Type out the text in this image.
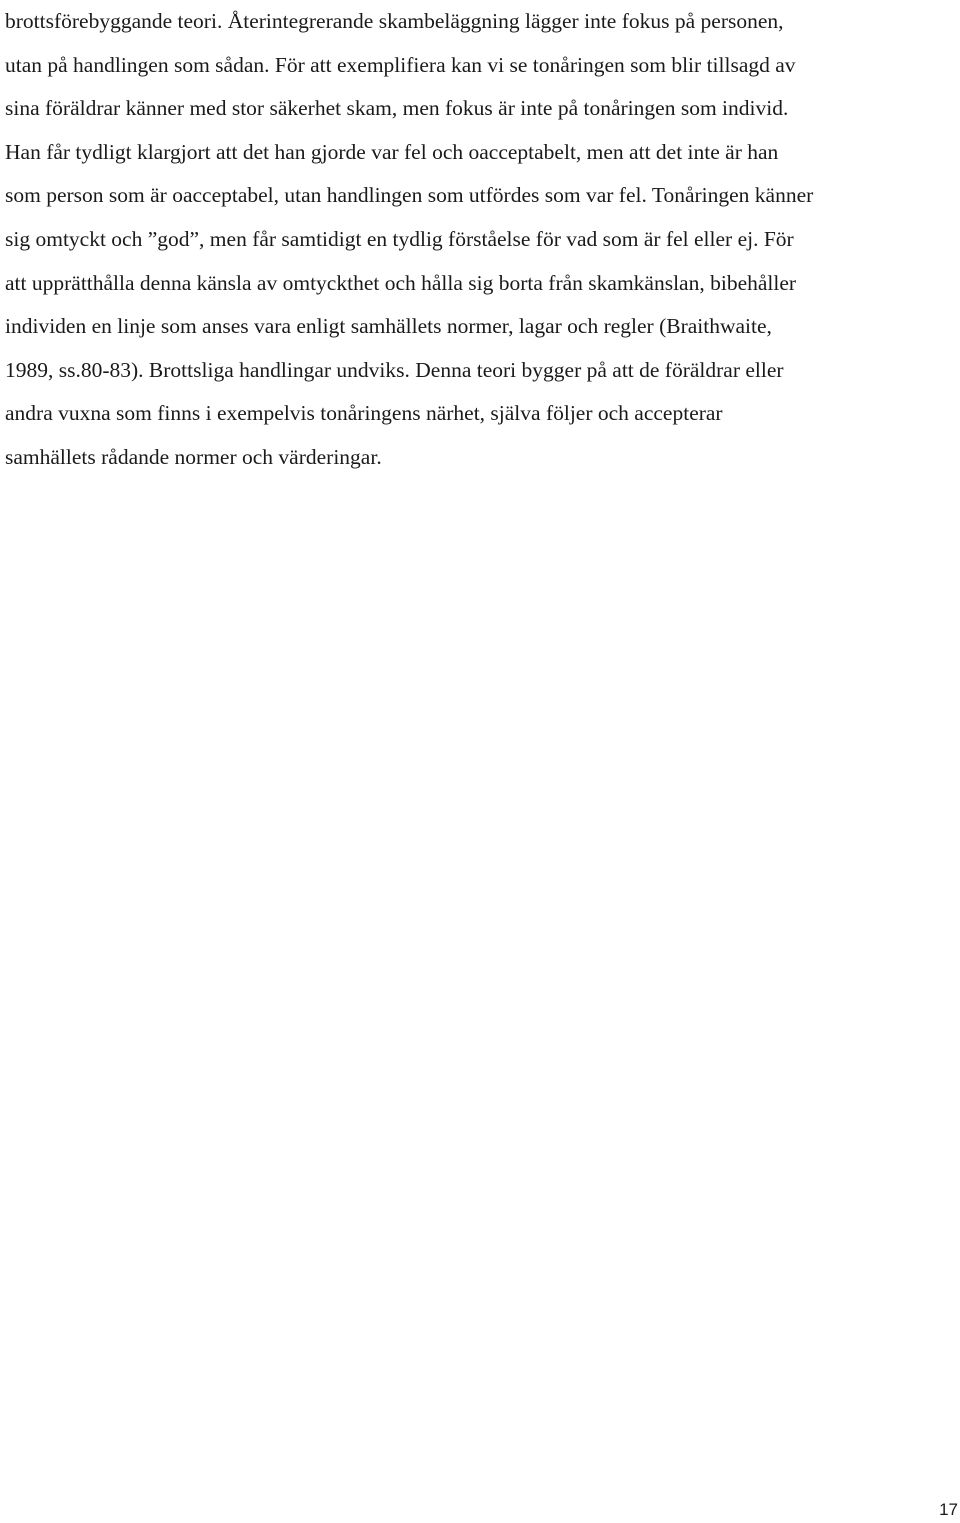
brottsförebyggande teori. Återintegrerande skambeläggning lägger inte fokus på personen,
utan på handlingen som sådan. För att exemplifiera kan vi se tonåringen som blir tillsagd av
sina föräldrar känner med stor säkerhet skam, men fokus är inte på tonåringen som individ.
Han får tydligt klargjort att det han gjorde var fel och oacceptabelt, men att det inte är han
som person som är oacceptabel, utan handlingen som utfördes som var fel. Tonåringen känner
sig omtyckt och ”god”, men får samtidigt en tydlig förståelse för vad som är fel eller ej. För
att upprätthålla denna känsla av omtyckthet och hålla sig borta från skamkänslan, bibehåller
individen en linje som anses vara enligt samhällets normer, lagar och regler (Braithwaite,
1989, ss.80-83). Brottsliga handlingar undviks. Denna teori bygger på att de föräldrar eller
andra vuxna som finns i exempelvis tonåringens närhet, själva följer och accepterar
samhällets rådande normer och värderingar.
17
